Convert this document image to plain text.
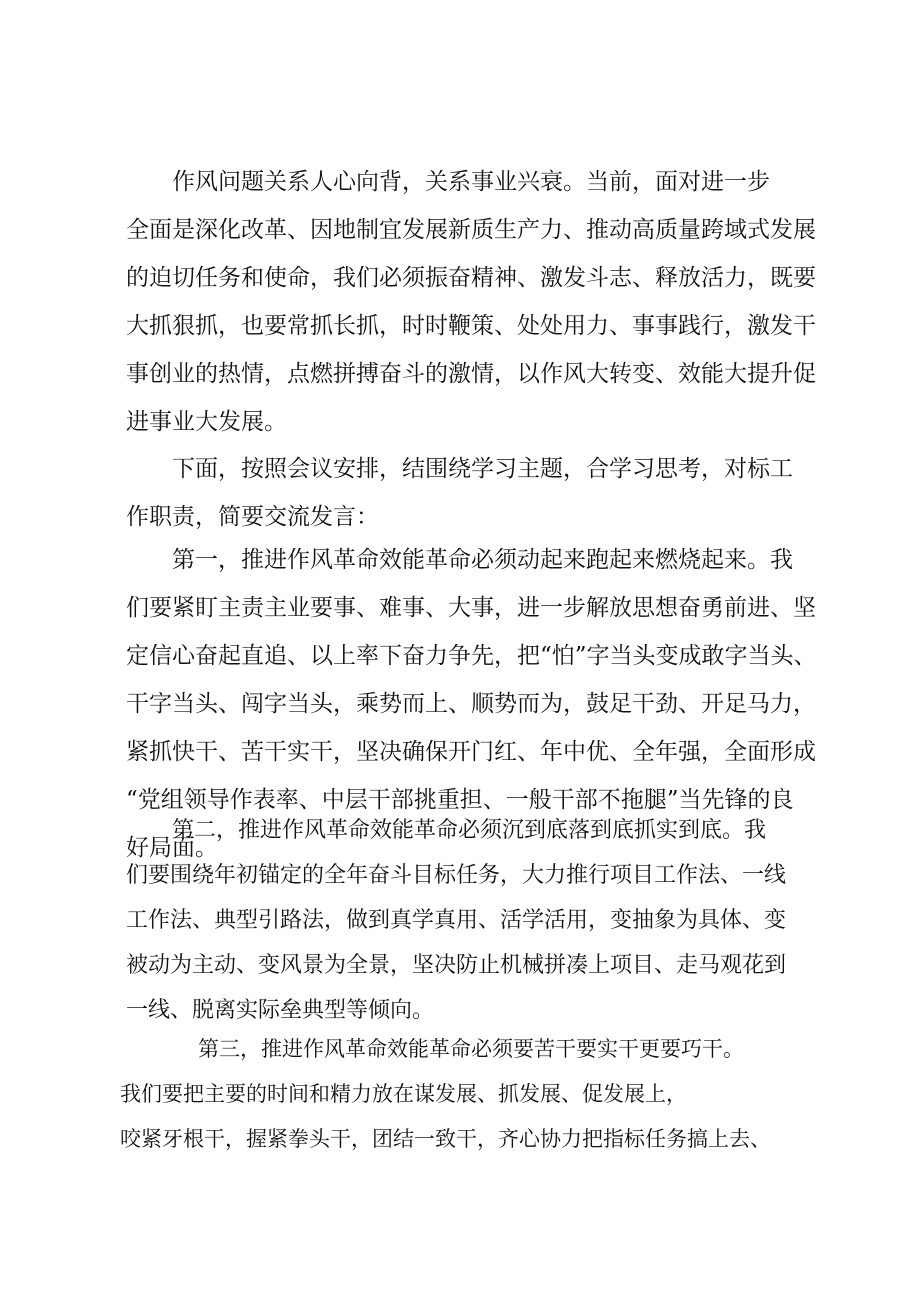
作风问题关系人心向背，关系事业兴衰。当前，面对进一步
全面是深化改革、因地制宜发展新质生产力、推动高质量跨域式发展
的迫切任务和使命，我们必须振奋精神、激发斗志、释放活力，既要
大抓狠抓，也要常抓长抓，时时鞭策、处处用力、事事践行，激发干
事创业的热情，点燃拼搏奋斗的激情，以作风大转变、效能大提升促
进事业大发展。
下面，按照会议安排，结围绕学习主题，合学习思考，对标工
作职责，简要交流发言：
第一，推进作风革命效能革命必须动起来跑起来燃烧起来。我
们要紧盯主责主业要事、难事、大事，进一步解放思想奋勇前进、坚
定信心奋起直追、以上率下奋力争先，把“怕”字当头变成敢字当头、
干字当头、闯字当头，乘势而上、顺势而为，鼓足干劲、开足马力，
紧抓快干、苦干实干，坚决确保开门红、年中优、全年强，全面形成
“党组领导作表率、中层干部挑重担、一般干部不拖腿”当先锋的良
好局面。
第二，推进作风革命效能革命必须沉到底落到底抓实到底。我
们要围绕年初锚定的全年奋斗目标任务，大力推行项目工作法、一线
工作法、典型引路法，做到真学真用、活学活用，变抽象为具体、变
被动为主动、变风景为全景，坚决防止机械拼凑上项目、走马观花到
一线、脱离实际垒典型等倾向。
第三，推进作风革命效能革命必须要苦干要实干更要巧干。
我们要把主要的时间和精力放在谋发展、抓发展、促发展上，
咬紧牙根干，握紧拳头干，团结一致干，齐心协力把指标任务搞上去、
